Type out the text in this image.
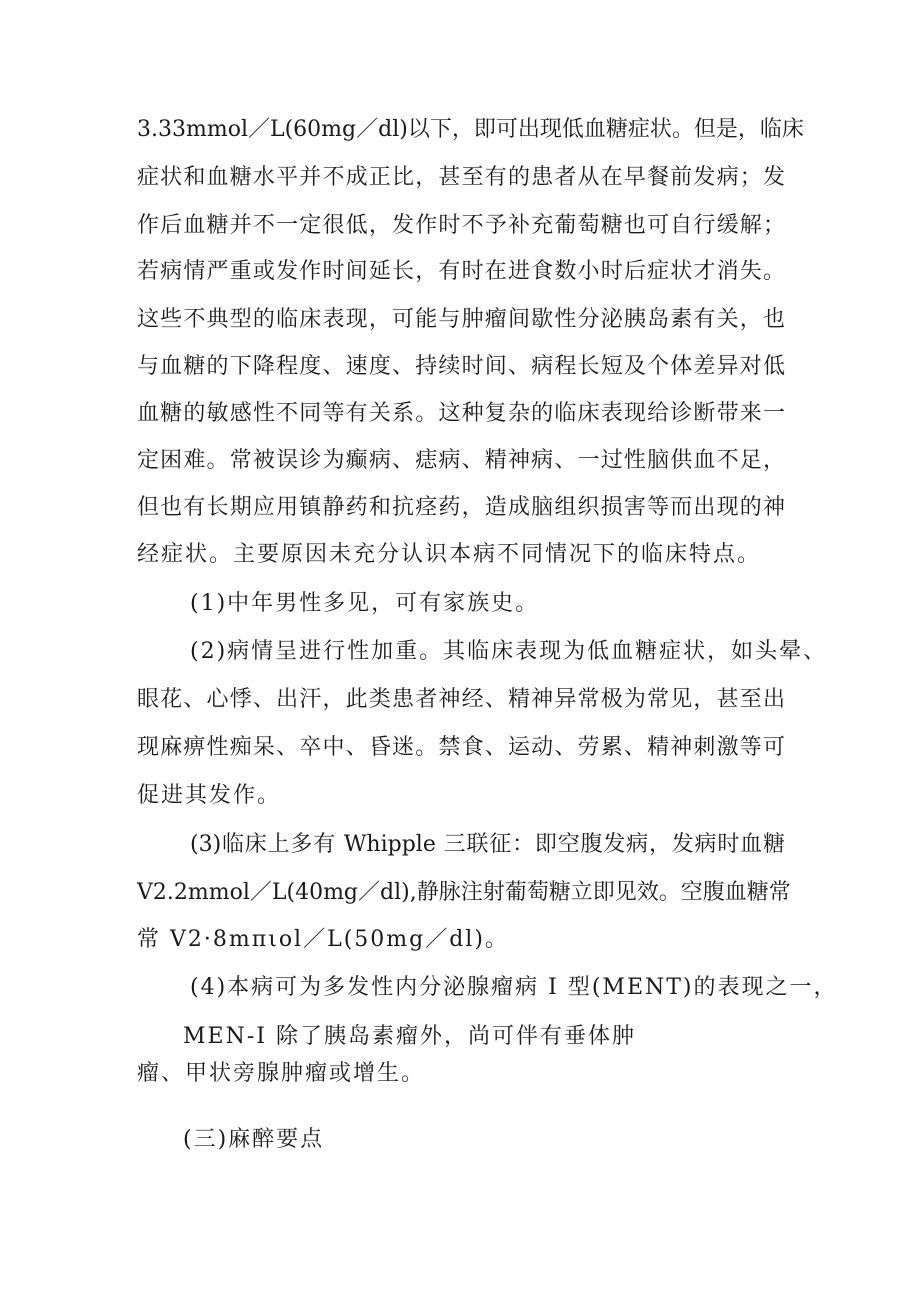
3.33mmol／L(60mg／dl)以下，即可出现低血糖症状。但是，临床
症状和血糖水平并不成正比，甚至有的患者从在早餐前发病；发
作后血糖并不一定很低，发作时不予补充葡萄糖也可自行缓解；
若病情严重或发作时间延长，有时在进食数小时后症状才消失。
这些不典型的临床表现，可能与肿瘤间歇性分泌胰岛素有关，也
与血糖的下降程度、速度、持续时间、病程长短及个体差异对低
血糖的敏感性不同等有关系。这种复杂的临床表现给诊断带来一
定困难。常被误诊为癫病、痣病、精神病、一过性脑供血不足，
但也有长期应用镇静药和抗痉药，造成脑组织损害等而出现的神
经症状。主要原因未充分认识本病不同情况下的临床特点。
(1)中年男性多见，可有家族史。
(2)病情呈进行性加重。其临床表现为低血糖症状，如头晕、
眼花、心悸、出汗，此类患者神经、精神异常极为常见，甚至出
现麻痹性痴呆、卒中、昏迷。禁食、运动、劳累、精神刺激等可
促进其发作。
(3)临床上多有 Whipple 三联征：即空腹发病，发病时血糖
V2.2mmol／L(40mg／dl),静脉注射葡萄糖立即见效。空腹血糖常
常 V2·8mπιol／L(50mg／dl)。
(4)本病可为多发性内分泌腺瘤病 I 型(MENT)的表现之一，
MEN-I 除了胰岛素瘤外，尚可伴有垂体肿
瘤、甲状旁腺肿瘤或增生。
(三)麻醉要点
